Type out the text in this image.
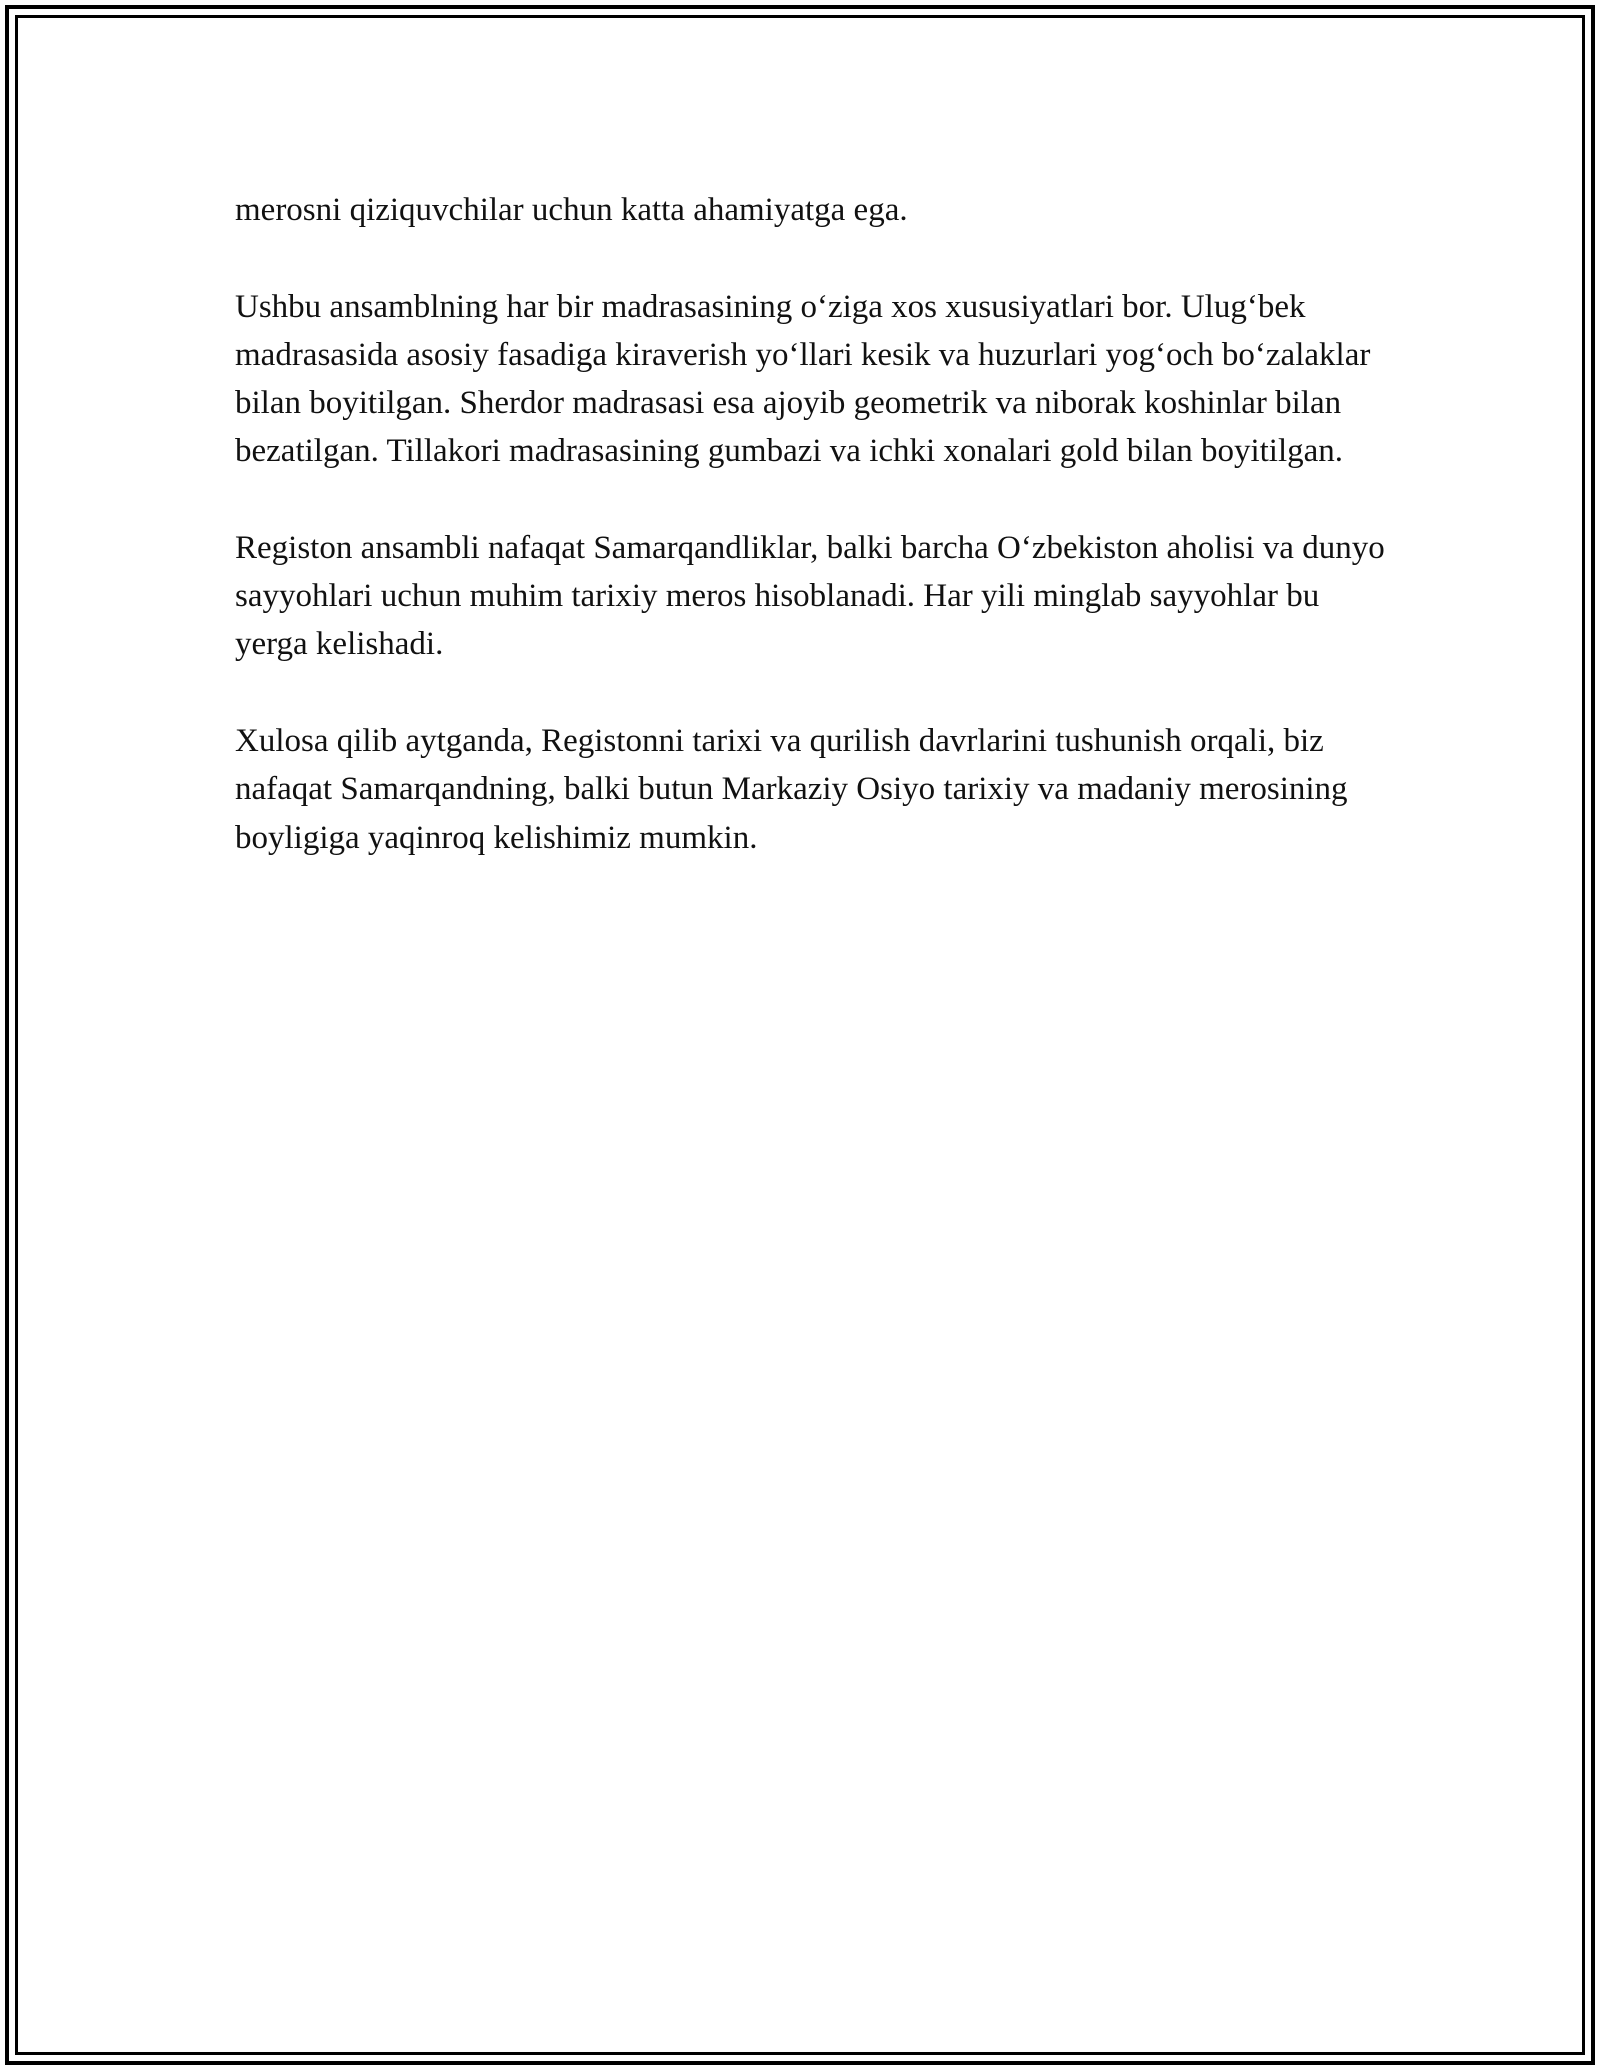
merosni qiziquvchilar uchun katta ahamiyatga ega.

Ushbu ansamblning har bir madrasasining o‘ziga xos xususiyatlari bor. Ulug‘bek madrasasida asosiy fasadiga kiraverish yo‘llari kesik va huzurlari yog‘och bo‘zalaklar bilan boyitilgan. Sherdor madrasasi esa ajoyib geometrik va niborak koshinlar bilan bezatilgan. Tillakori madrasasining gumbazi va ichki xonalari gold bilan boyitilgan.

Registon ansambli nafaqat Samarqandliklar, balki barcha O‘zbekiston aholisi va dunyo sayyohlari uchun muhim tarixiy meros hisoblanadi. Har yili minglab sayyohlar bu yerga kelishadi.

Xulosa qilib aytganda, Registonni tarixi va qurilish davrlarini tushunish orqali, biz nafaqat Samarqandning, balki butun Markaziy Osiyo tarixiy va madaniy merosining boyligiga yaqinroq kelishimiz mumkin.
